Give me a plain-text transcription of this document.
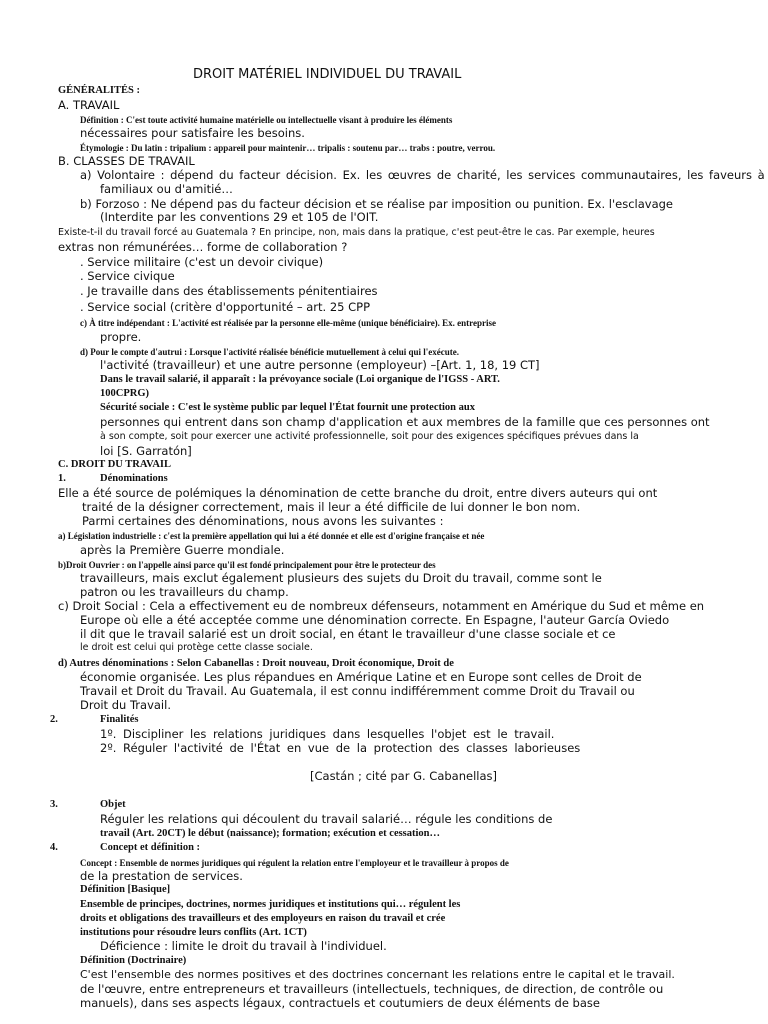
DROIT MATÉRIEL INDIVIDUEL DU TRAVAIL
GÉNÉRALITÉS :
A. TRAVAIL
Définition : C'est toute activité humaine matérielle ou intellectuelle visant à produire les éléments
nécessaires pour satisfaire les besoins.
Étymologie : Du latin : tripalium : appareil pour maintenir… tripalis : soutenu par… trabs : poutre, verrou.
B. CLASSES DE TRAVAIL
a) Volontaire : dépend du facteur décision. Ex. les œuvres de charité, les services communautaires, les faveurs à
familiaux ou d'amitié…
b) Forzoso : Ne dépend pas du facteur décision et se réalise par imposition ou punition. Ex. l'esclavage
(Interdite par les conventions 29 et 105 de l'OIT.
Existe-t-il du travail forcé au Guatemala ? En principe, non, mais dans la pratique, c'est peut-être le cas. Par exemple, heures
extras non rémunérées… forme de collaboration ?
. Service militaire (c'est un devoir civique)
. Service civique
. Je travaille dans des établissements pénitentiaires
. Service social (critère d'opportunité – art. 25 CPP
c) À titre indépendant : L'activité est réalisée par la personne elle-même (unique bénéficiaire). Ex. entreprise
propre.
d) Pour le compte d'autrui : Lorsque l'activité réalisée bénéficie mutuellement à celui qui l'exécute.
l'activité (travailleur) et une autre personne (employeur) –[Art. 1, 18, 19 CT]
Dans le travail salarié, il apparaît : la prévoyance sociale (Loi organique de l'IGSS - ART.
100CPRG)
Sécurité sociale : C'est le système public par lequel l'État fournit une protection aux
personnes qui entrent dans son champ d'application et aux membres de la famille que ces personnes ont
à son compte, soit pour exercer une activité professionnelle, soit pour des exigences spécifiques prévues dans la
loi [S. Garratón]
C. DROIT DU TRAVAIL
1.	Dénominations
Elle a été source de polémiques la dénomination de cette branche du droit, entre divers auteurs qui ont
traité de la désigner correctement, mais il leur a été difficile de lui donner le bon nom.
Parmi certaines des dénominations, nous avons les suivantes :
a) Législation industrielle : c'est la première appellation qui lui a été donnée et elle est d'origine française et née
après la Première Guerre mondiale.
b)Droit Ouvrier : on l'appelle ainsi parce qu'il est fondé principalement pour être le protecteur des
travailleurs, mais exclut également plusieurs des sujets du Droit du travail, comme sont le
patron ou les travailleurs du champ.
c) Droit Social : Cela a effectivement eu de nombreux défenseurs, notamment en Amérique du Sud et même en
Europe où elle a été acceptée comme une dénomination correcte. En Espagne, l'auteur García Oviedo
il dit que le travail salarié est un droit social, en étant le travailleur d'une classe sociale et ce
le droit est celui qui protège cette classe sociale.
d) Autres dénominations : Selon Cabanellas : Droit nouveau, Droit économique, Droit de
économie organisée. Les plus répandues en Amérique Latine et en Europe sont celles de Droit de
Travail et Droit du Travail. Au Guatemala, il est connu indifféremment comme Droit du Travail ou
Droit du Travail.
2.	Finalités
1º. Discipliner les relations juridiques dans lesquelles l'objet est le travail.
2º. Réguler l'activité de l'État en vue de la protection des classes laborieuses
[Castán ; cité par G. Cabanellas]
3.	Objet
Réguler les relations qui découlent du travail salarié… régule les conditions de
travail (Art. 20CT) le début (naissance); formation; exécution et cessation…
4.	Concept et définition :
Concept : Ensemble de normes juridiques qui régulent la relation entre l'employeur et le travailleur à propos de
de la prestation de services.
Définition [Basique]
Ensemble de principes, doctrines, normes juridiques et institutions qui… régulent les
droits et obligations des travailleurs et des employeurs en raison du travail et crée
institutions pour résoudre leurs conflits (Art. 1CT)
Déficience : limite le droit du travail à l'individuel.
Définition (Doctrinaire)
C'est l'ensemble des normes positives et des doctrines concernant les relations entre le capital et le travail.
de l'œuvre, entre entrepreneurs et travailleurs (intellectuels, techniques, de direction, de contrôle ou
manuels), dans ses aspects légaux, contractuels et coutumiers de deux éléments de base
